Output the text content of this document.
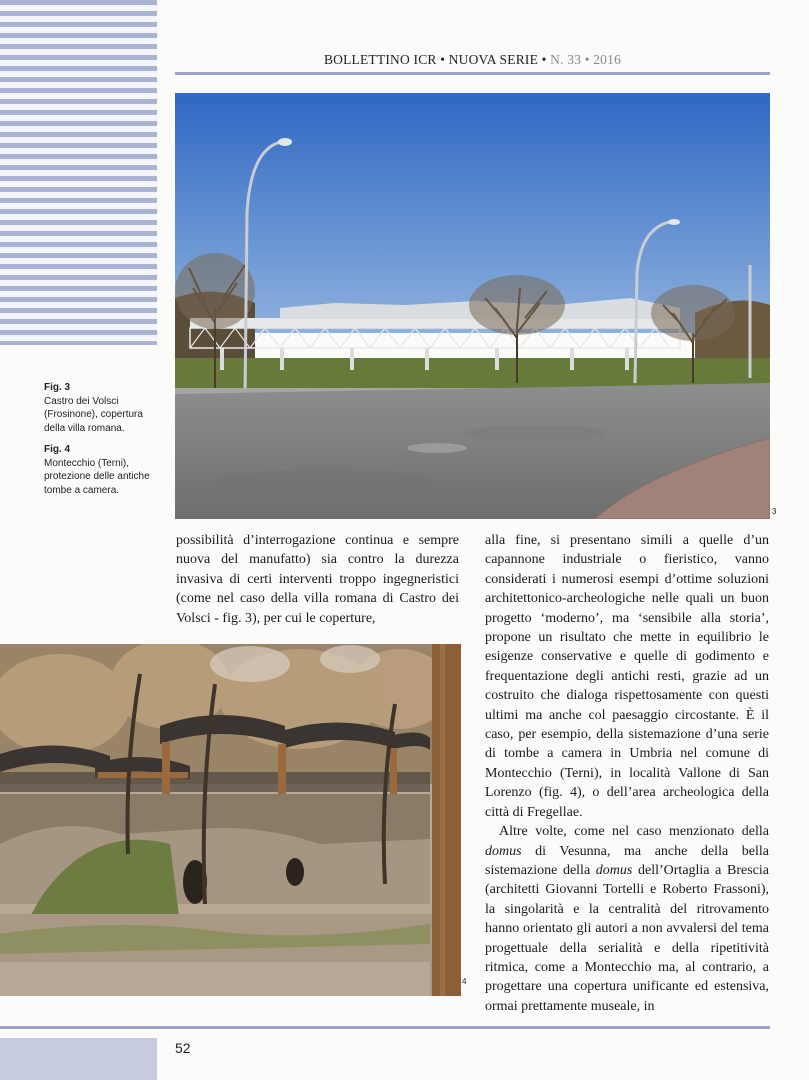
BOLLETTINO ICR • NUOVA SERIE • N. 33 • 2016
3
Fig. 3
Castro dei Volsci (Frosinone), copertura della villa romana.
Fig. 4
Montecchio (Terni), protezione delle antiche tombe a camera.

possibilità d’interrogazione continua e sempre nuova del manufatto) sia contro la durezza invasiva di certi interventi troppo ingegneristici (come nel caso della villa romana di Castro dei Volsci - fig. 3), per cui le coperture,

alla fine, si presentano simili a quelle d’un capannone industriale o fieristico, vanno considerati i numerosi esempi d’ottime soluzioni architettonico-archeologiche nelle quali un buon progetto ‘moderno’, ma ‘sensibile alla storia’, propone un risultato che mette in equilibrio le esigenze conservative e quelle di godimento e frequentazione degli antichi resti, grazie ad un costruito che dialoga rispettosamente con questi ultimi ma anche col paesaggio circostante. È il caso, per esempio, della sistemazione d’una serie di tombe a camera in Umbria nel comune di Montecchio (Terni), in località Vallone di San Lorenzo (fig. 4), o dell’area archeologica della città di Fregellae.

Altre volte, come nel caso menzionato della domus di Vesunna, ma anche della bella sistemazione della domus dell’Ortaglia a Brescia (architetti Giovanni Tortelli e Roberto Frassoni), la singolarità e la centralità del ritrovamento hanno orientato gli autori a non avvalersi del tema progettuale della serialità e della ripetitività ritmica, come a Montecchio ma, al contrario, a progettare una copertura unificante ed estensiva, ormai prettamente museale, in

4
52
